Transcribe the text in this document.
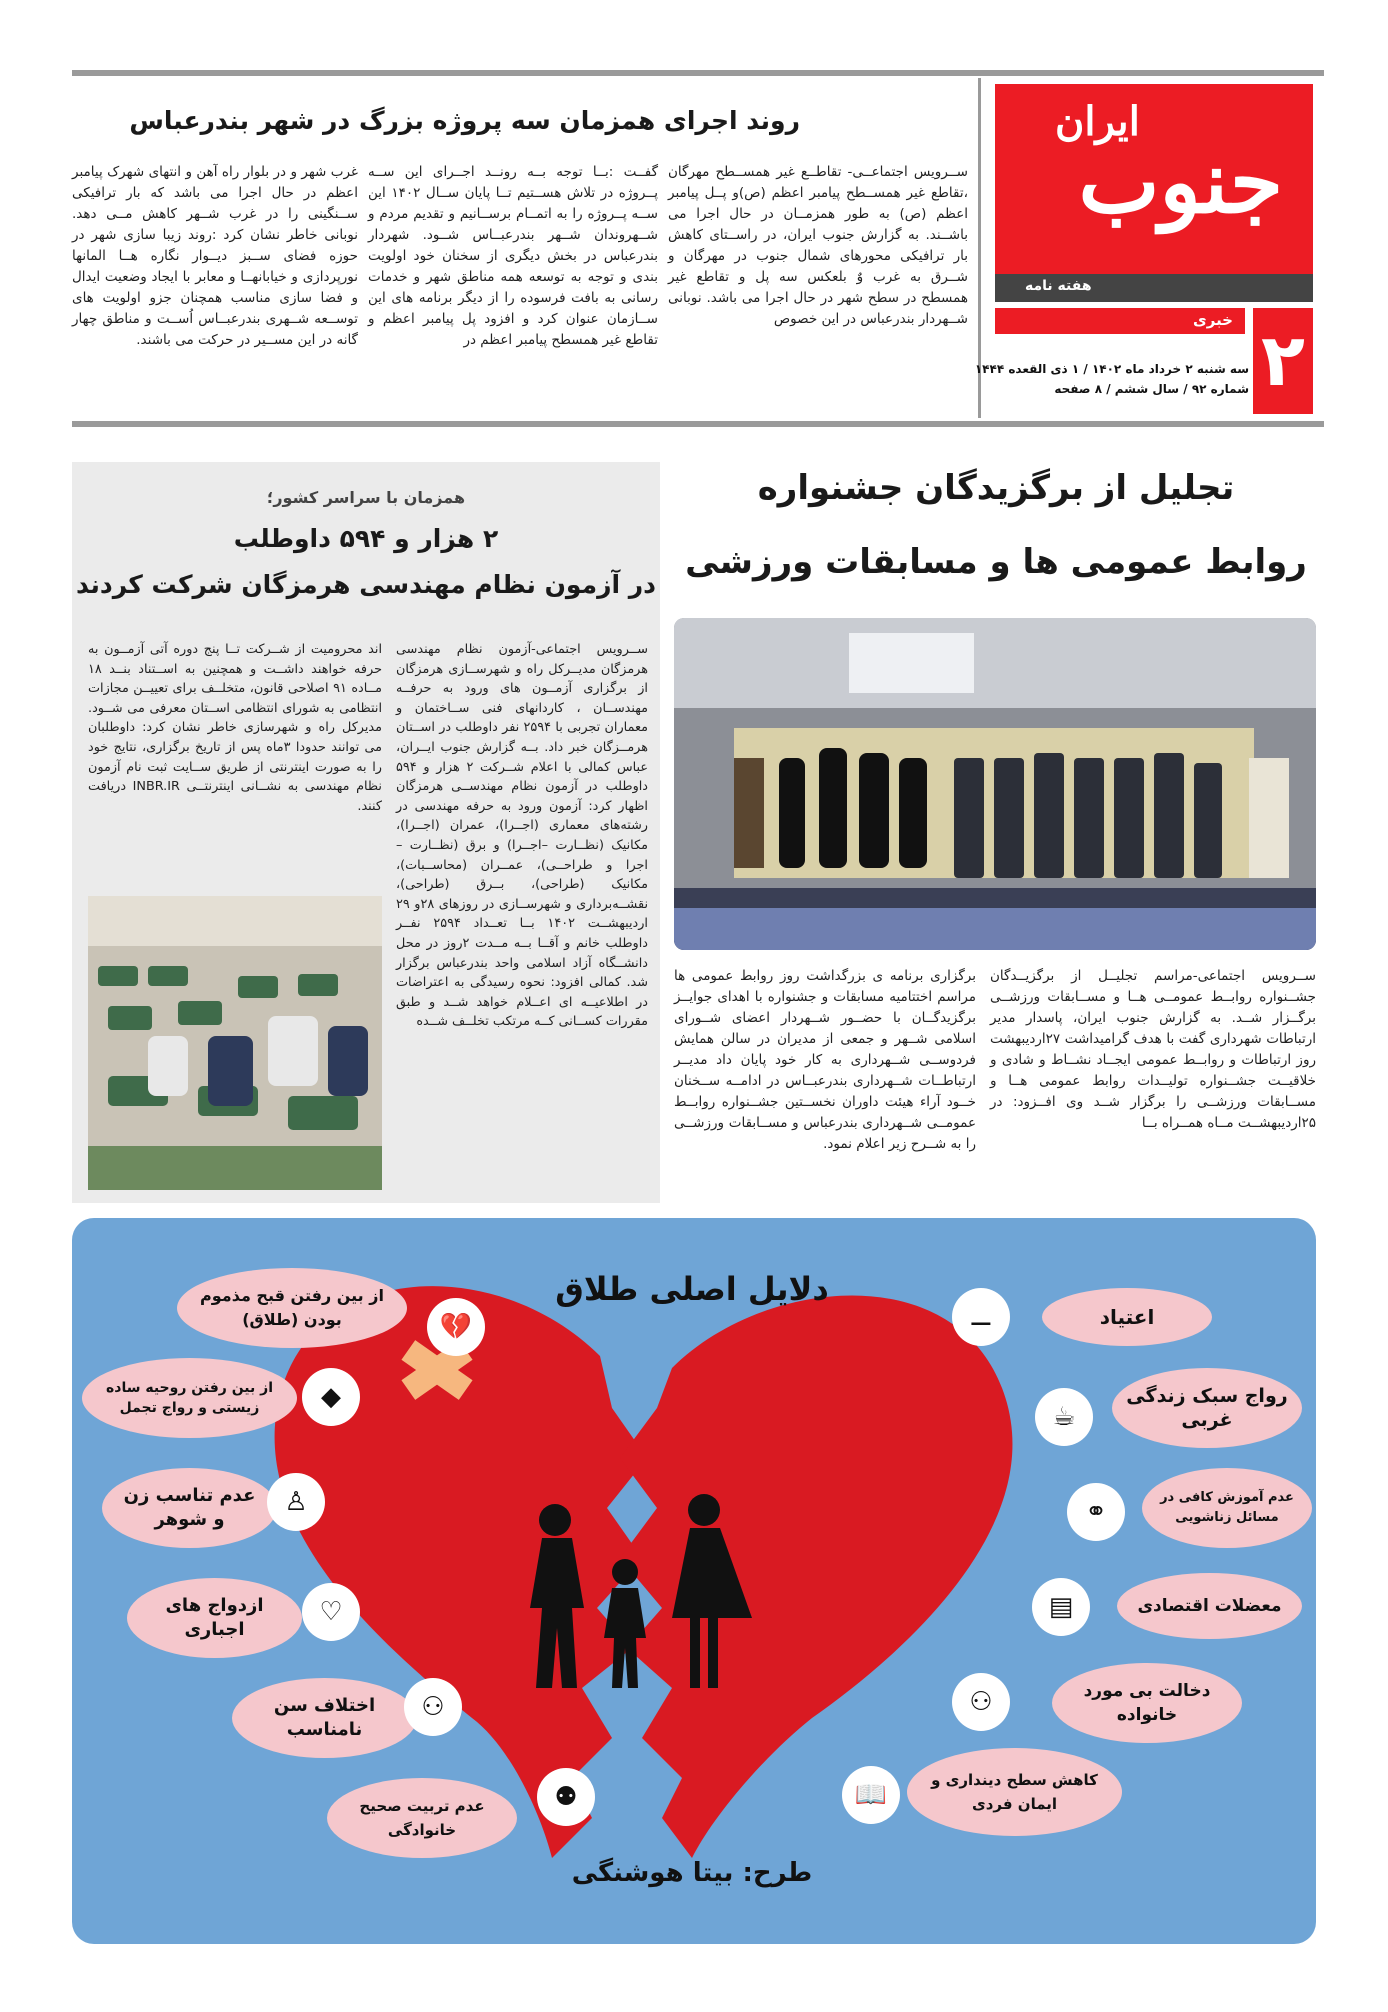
ایران
جنوب
هفته نامه
خبری ۲
سه شنبه ۲ خرداد ماه ۱۴۰۲ / ۱ ذی القعده ۱۴۴۴
شماره ۹۲ / سال ششم / ۸ صفحه
روند اجرای همزمان سه پروژه بزرگ در شهر بندرعباس
ســرویس اجتماعــی- تقاطــع غیر همســطح مهرگان ،تقاطع غیر همســطح پیامبر اعظم (ص)و پــل پیامبر اعظم (ص) به طور همزمــان در حال اجرا می باشــند. به گزارش جنوب ایران، در راســتای کاهش بار ترافیکی محورهای شمال جنوب در مهرگان و شــرق به غرب وٌ بلعکس سه پل و تقاطع غیر همسطح در سطح شهر در حال اجرا می باشد. نوبانی شــهردار بندرعباس در این خصوص
گفــت :بــا توجه بــه رونــد اجــرای این ســه پــروژه در تلاش هســتیم تــا پایان ســال ۱۴۰۲ این ســه پــروژه را به اتمــام برســانیم و تقدیم مردم و شــهروندان شــهر بندرعبــاس شــود. شهردار بندرعباس در بخش دیگری از سخنان خود اولویت بندی و توجه به توسعه همه مناطق شهر و خدمات رسانی به بافت فرسوده را از دیگر برنامه های این ســازمان عنوان کرد و افزود پل پیامبر اعظم و تقاطع غیر همسطح پیامبر اعظم در
غرب شهر و در بلوار راه آهن و انتهای شهرک پیامبر اعظم در حال اجرا می باشد که بار ترافیکی ســنگینی را در غرب شــهر کاهش مــی دهد. نوبانی خاطر نشان کرد :روند زیبا سازی شهر در حوزه فضای ســبز دیــوار نگاره هــا المانها نورپردازی و خیابانهــا و معابر با ایجاد وضعیت ایدال و فضا سازی مناسب همچنان جزو اولویت های توســعه شــهری بندرعبــاس اُســت و مناطق چهار گانه در این مســیر در حرکت می باشند.
تجلیل از برگزیدگان جشنواره
روابط عمومی ها و مسابقات ورزشی
ســرویس اجتماعی-مراسم تجلیــل از برگزیــدگان جشــنواره روابــط عمومــی هــا و مســابقات ورزشــی برگــزار شــد. به گزارش جنوب ایران، پاسدار مدیر ارتباطات شهرداری گفت با هدف گرامیداشت ۲۷اردیبهشت روز ارتباطات و روابــط عمومی ایجــاد نشــاط و شادی و خلاقیــت جشــنواره تولیــدات روابط عمومی هــا و مســابقات ورزشــی را برگزار شــد وی افــزود: در ۲۵اردیبهشــت مــاه همــراه بــا
برگزاری برنامه ی بزرگداشت روز روابط عمومی ها مراسم اختتامیه مسابقات و جشنواره با اهدای جوایــز برگزیدگــان با حضــور شــهردار اعضای شــورای اسلامی شــهر و جمعی از مدیران در سالن همایش فردوســی شــهرداری به کار خود پایان داد مدیــر ارتباطــات شــهرداری بندرعبــاس در ادامــه ســخنان خــود آراء هیئت داوران نخســتین جشــنواره روابــط عمومــی شــهرداری بندرعباس و مســابقات ورزشــی را به شــرح زیر اعلام نمود.
همزمان با سراسر کشور؛
۲ هزار و ۵۹۴ داوطلب
در آزمون نظام مهندسی هرمزگان شرکت کردند
ســرویس اجتماعی-آزمون نظام مهندسی هرمزگان مدیــرکل راه و شهرســازی هرمزگان از برگزاری آزمــون های ورود به حرفــه مهندســان ، کاردانهای فنی ســاختمان و معماران تجربی با ۲۵۹۴ نفر داوطلب در اســتان هرمــزگان خبر داد. بــه گزارش جنوب ایــران، عباس کمالی با اعلام شــرکت ۲ هزار و ۵۹۴ داوطلب در آزمون نظام مهندســی هرمزگان اظهار کرد: آزمون ورود به حرفه مهندسی در رشته‌های معماری (اجــرا)، عمران (اجــرا)، مکانیک (نظــارت –اجــرا) و برق (نظــارت –اجرا و طراحــی)، عمــران (محاســبات)، مکانیک (طراحی)، بــرق (طراحی)، نقشــه‌برداری و شهرســازی در روزهای ۲۸و ۲۹ اردیبهشــت ۱۴۰۲ بــا تعــداد ۲۵۹۴ نفــر داوطلب خانم و آقــا بــه مــدت ۲روز در محل دانشــگاه آزاد اسلامی واحد بندرعباس برگزار شد. کمالی افزود: نحوه رسیدگی به اعتراضات در اطلاعیــه ای اعــلام خواهد شــد و طبق مقررات کســانی کــه مرتکب تخلــف شــده
اند محرومیت از شــرکت تــا پنج دوره آتی آزمــون به حرفه خواهند داشــت و همچنین به اســتناد بنــد ۱۸ مــاده ۹۱ اصلاحی قانون، متخلــف برای تعییــن مجازات انتظامی به شورای انتظامی اســتان معرفی می شــود. مدیرکل راه و شهرسازی خاطر نشان کرد: داوطلبان می توانند حدودا ۳ماه پس از تاریخ برگزاری، نتایج خود را به صورت اینترنتی از طریق ســایت ثبت نام آزمون نظام مهندسی به نشــانی اینترنتــی INBR.IR دریافت کنند.
دلایل اصلی طلاق
از بین رفتن قبح مذموم بودن (طلاق)
از بین رفتن روحیه ساده زیستی و رواج تجمل
عدم تناسب زن و شوهر
ازدواج های اجباری
اختلاف سن نامناسب
عدم تربیت صحیح خانوادگی
اعتیاد
رواج سبک زندگی غربی
عدم آموزش کافی در مسائل زناشویی
معضلات اقتصادی
دخالت بی مورد خانواده
کاهش سطح دینداری و ایمان فردی
💔
◆
♙
♡
⚇
⚉
⚊
☕
⚭
▤
⚇
📖
طرح: بیتا هوشنگی
